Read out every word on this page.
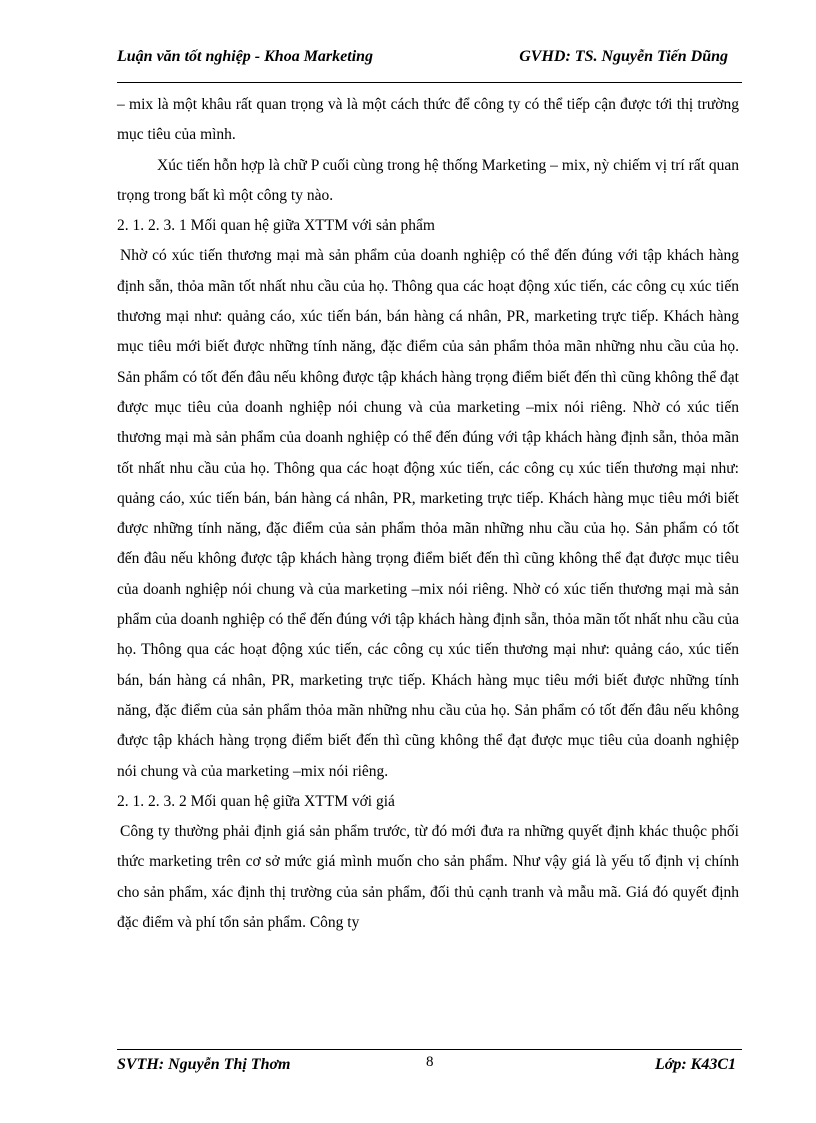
Luận văn tốt nghiệp - Khoa Marketing	GVHD: TS. Nguyễn Tiến Dũng

– mix là một khâu rất quan trọng và là một cách thức để công ty có thể tiếp cận được tới thị trường mục tiêu của mình.

Xúc tiến hỗn hợp là chữ P cuối cùng trong hệ thống Marketing – mix, nỳ chiếm vị trí rất quan trọng trong bất kì một công ty nào.

2. 1. 2. 3. 1 Mối quan hệ giữa XTTM với sản phẩm

Nhờ có xúc tiến thương mại mà sản phẩm của doanh nghiệp có thể đến đúng với tập khách hàng định sẵn, thỏa mãn tốt nhất nhu cầu của họ. Thông qua các hoạt động xúc tiến, các công cụ xúc tiến thương mại như: quảng cáo, xúc tiến bán, bán hàng cá nhân, PR, marketing trực tiếp. Khách hàng mục tiêu mới biết được những tính năng, đặc điểm của sản phẩm thỏa mãn những nhu cầu của họ. Sản phẩm có tốt đến đâu nếu không được tập khách hàng trọng điểm biết đến thì cũng không thể đạt được mục tiêu của doanh nghiệp nói chung và của marketing –mix nói riêng. Nhờ có xúc tiến thương mại mà sản phẩm của doanh nghiệp có thể đến đúng với tập khách hàng định sẵn, thỏa mãn tốt nhất nhu cầu của họ. Thông qua các hoạt động xúc tiến, các công cụ xúc tiến thương mại như: quảng cáo, xúc tiến bán, bán hàng cá nhân, PR, marketing trực tiếp. Khách hàng mục tiêu mới biết được những tính năng, đặc điểm của sản phẩm thỏa mãn những nhu cầu của họ. Sản phẩm có tốt đến đâu nếu không được tập khách hàng trọng điểm biết đến thì cũng không thể đạt được mục tiêu của doanh nghiệp nói chung và của marketing –mix nói riêng. Nhờ có xúc tiến thương mại mà sản phẩm của doanh nghiệp có thể đến đúng với tập khách hàng định sẵn, thỏa mãn tốt nhất nhu cầu của họ. Thông qua các hoạt động xúc tiến, các công cụ xúc tiến thương mại như: quảng cáo, xúc tiến bán, bán hàng cá nhân, PR, marketing trực tiếp. Khách hàng mục tiêu mới biết được những tính năng, đặc điểm của sản phẩm thỏa mãn những nhu cầu của họ. Sản phẩm có tốt đến đâu nếu không được tập khách hàng trọng điểm biết đến thì cũng không thể đạt được mục tiêu của doanh nghiệp nói chung và của marketing –mix nói riêng.

2. 1. 2. 3. 2 Mối quan hệ giữa XTTM với giá

Công ty thường phải định giá sản phẩm trước, từ đó mới đưa ra những quyết định khác thuộc phối thức marketing trên cơ sở mức giá mình muốn cho sản phẩm. Như vậy giá là yếu tố định vị chính cho sản phẩm, xác định thị trường của sản phẩm, đối thủ cạnh tranh và mẫu mã. Giá đó quyết định đặc điểm và phí tổn sản phẩm. Công ty

SVTH: Nguyễn Thị Thơm	8	Lớp: K43C1
